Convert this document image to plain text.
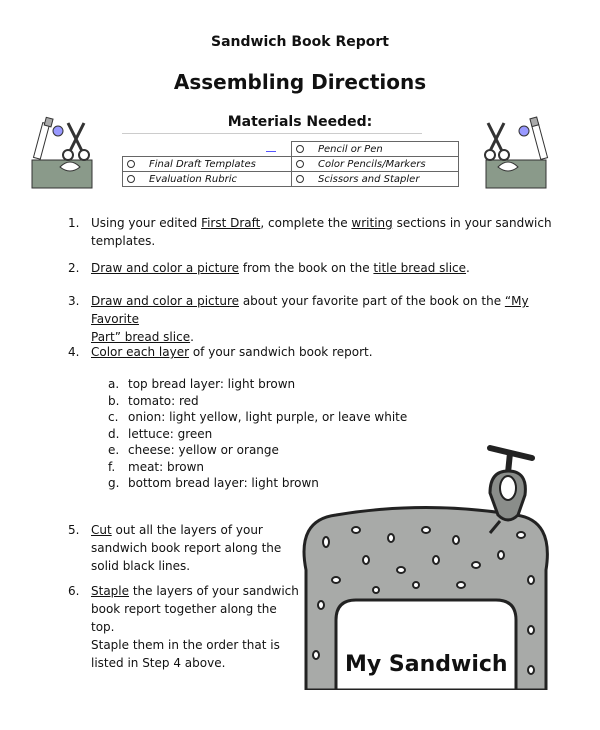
Sandwich Book Report
Assembling Directions
Materials Needed:
	Pencil or Pen
Final Draft Templates	Color Pencils/Markers
Evaluation Rubric	Scissors and Stapler
1. Using your edited First Draft, complete the writing sections in your sandwich
templates.
2. Draw and color a picture from the book on the title bread slice.
3. Draw and color a picture about your favorite part of the book on the “My Favorite
Part” bread slice.
4. Color each layer of your sandwich book report.
a. top bread layer: light brown
b. tomato: red
c. onion: light yellow, light purple, or leave white
d. lettuce: green
e. cheese: yellow or orange
f. meat: brown
g. bottom bread layer: light brown
5. Cut out all the layers of your
sandwich book report along the
solid black lines.
6. Staple the layers of your sandwich
book report together along the top.
Staple them in the order that is
listed in Step 4 above.	My Sandwich
